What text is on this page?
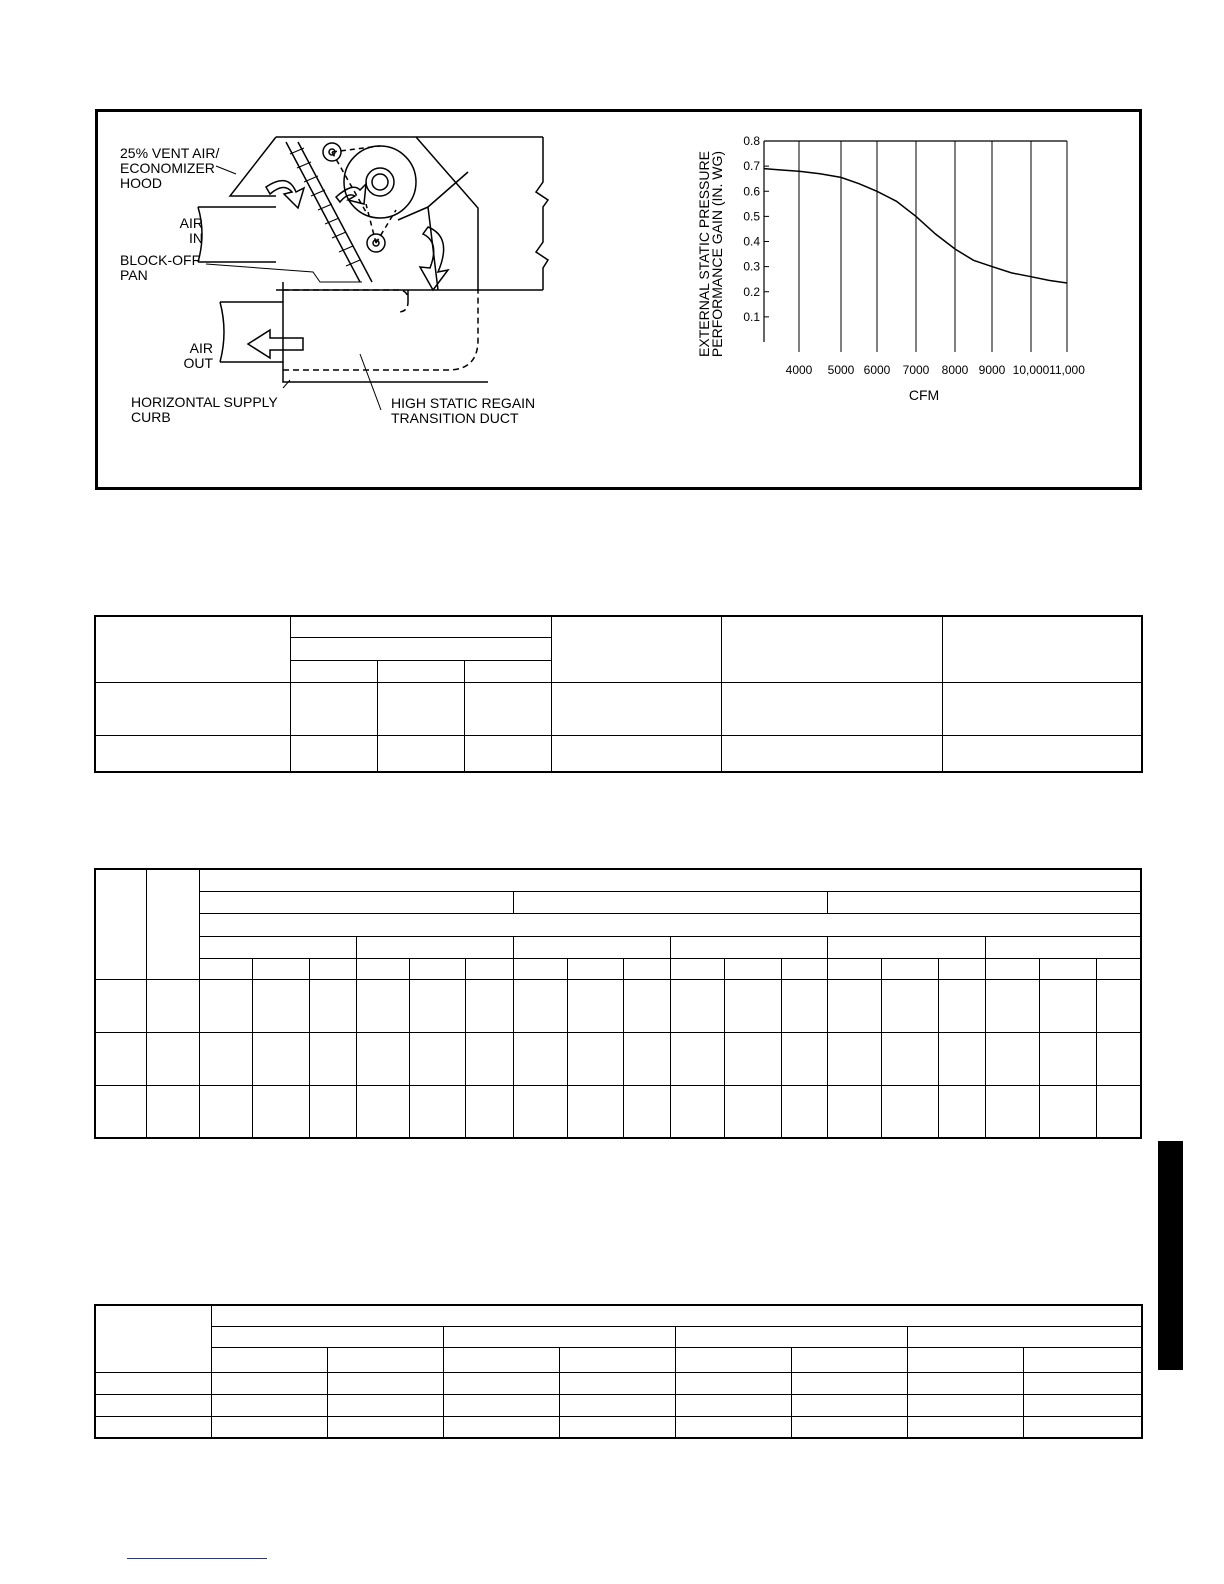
25% VENT AIR/
ECONOMIZER
HOOD
AIR
IN
BLOCK-OFF
PAN
AIR
OUT
HORIZONTAL SUPPLY
CURB
HIGH STATIC REGAIN
TRANSITION DUCT
0.1
0.2
0.3
0.4
0.5
0.6
0.7
0.8
4000 5000 6000 7000 8000 9000 10,000 11,000
CFM
EXTERNAL STATIC PRESSURE
PERFORMANCE GAIN (IN. WG)
